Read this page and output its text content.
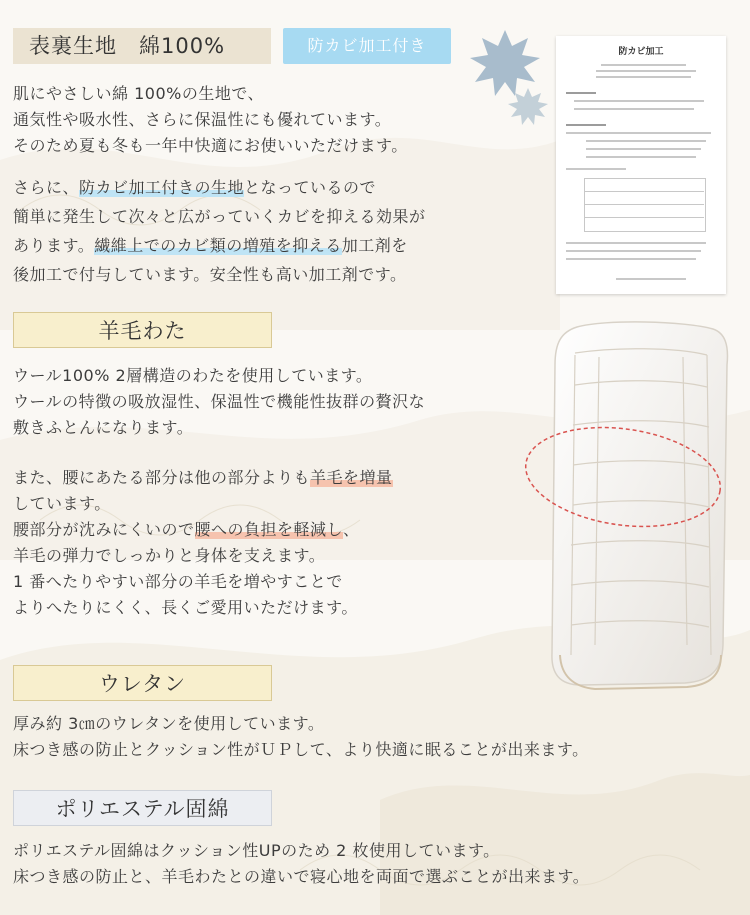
表裏生地　綿100%	防カビ加工付き
肌にやさしい綿 100%の生地で、
通気性や吸水性、さらに保温性にも優れています。
そのため夏も冬も一年中快適にお使いいただけます。
さらに、防カビ加工付きの生地となっているので
簡単に発生して次々と広がっていくカビを抑える効果が
あります。繊維上でのカビ類の増殖を抑える加工剤を
後加工で付与しています。安全性も高い加工剤です。
防カビ加工
羊毛わた
ウール100% 2層構造のわたを使用しています。
ウールの特徴の吸放湿性、保温性で機能性抜群の贅沢な
敷きふとんになります。
また、腰にあたる部分は他の部分よりも羊毛を増量
しています。
腰部分が沈みにくいので腰への負担を軽減し、
羊毛の弾力でしっかりと身体を支えます。
1 番へたりやすい部分の羊毛を増やすことで
よりへたりにくく、長くご愛用いただけます。
ウレタン
厚み約 3㎝のウレタンを使用しています。
床つき感の防止とクッション性がＵＰして、より快適に眠ることが出来ます。
ポリエステル固綿
ポリエステル固綿はクッション性UPのため 2 枚使用しています。
床つき感の防止と、羊毛わたとの違いで寝心地を両面で選ぶことが出来ます。
